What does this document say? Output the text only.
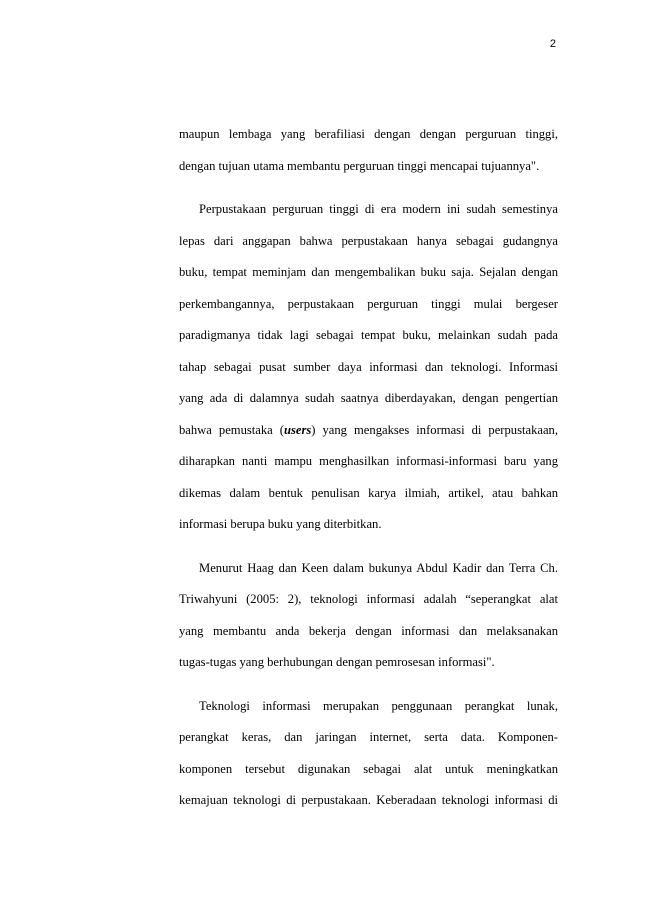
2
maupun lembaga yang berafiliasi dengan dengan perguruan tinggi,
dengan tujuan utama membantu perguruan tinggi mencapai tujuannya".
Perpustakaan perguruan tinggi di era modern ini sudah semestinya
lepas dari anggapan bahwa perpustakaan hanya sebagai gudangnya
buku, tempat meminjam dan mengembalikan buku saja. Sejalan dengan
perkembangannya, perpustakaan perguruan tinggi mulai bergeser
paradigmanya tidak lagi sebagai tempat buku, melainkan sudah pada
tahap sebagai pusat sumber daya informasi dan teknologi. Informasi
yang ada di dalamnya sudah saatnya diberdayakan, dengan pengertian
bahwa pemustaka (users) yang mengakses informasi di perpustakaan,
diharapkan nanti mampu menghasilkan informasi-informasi baru yang
dikemas dalam bentuk penulisan karya ilmiah, artikel, atau bahkan
informasi berupa buku yang diterbitkan.
Menurut Haag dan Keen dalam bukunya Abdul Kadir dan Terra Ch.
Triwahyuni (2005: 2), teknologi informasi adalah “seperangkat alat
yang membantu anda bekerja dengan informasi dan melaksanakan
tugas-tugas yang berhubungan dengan pemrosesan informasi".
Teknologi informasi merupakan penggunaan perangkat lunak,
perangkat keras, dan jaringan internet, serta data. Komponen-
komponen tersebut digunakan sebagai alat untuk meningkatkan
kemajuan teknologi di perpustakaan. Keberadaan teknologi informasi di
